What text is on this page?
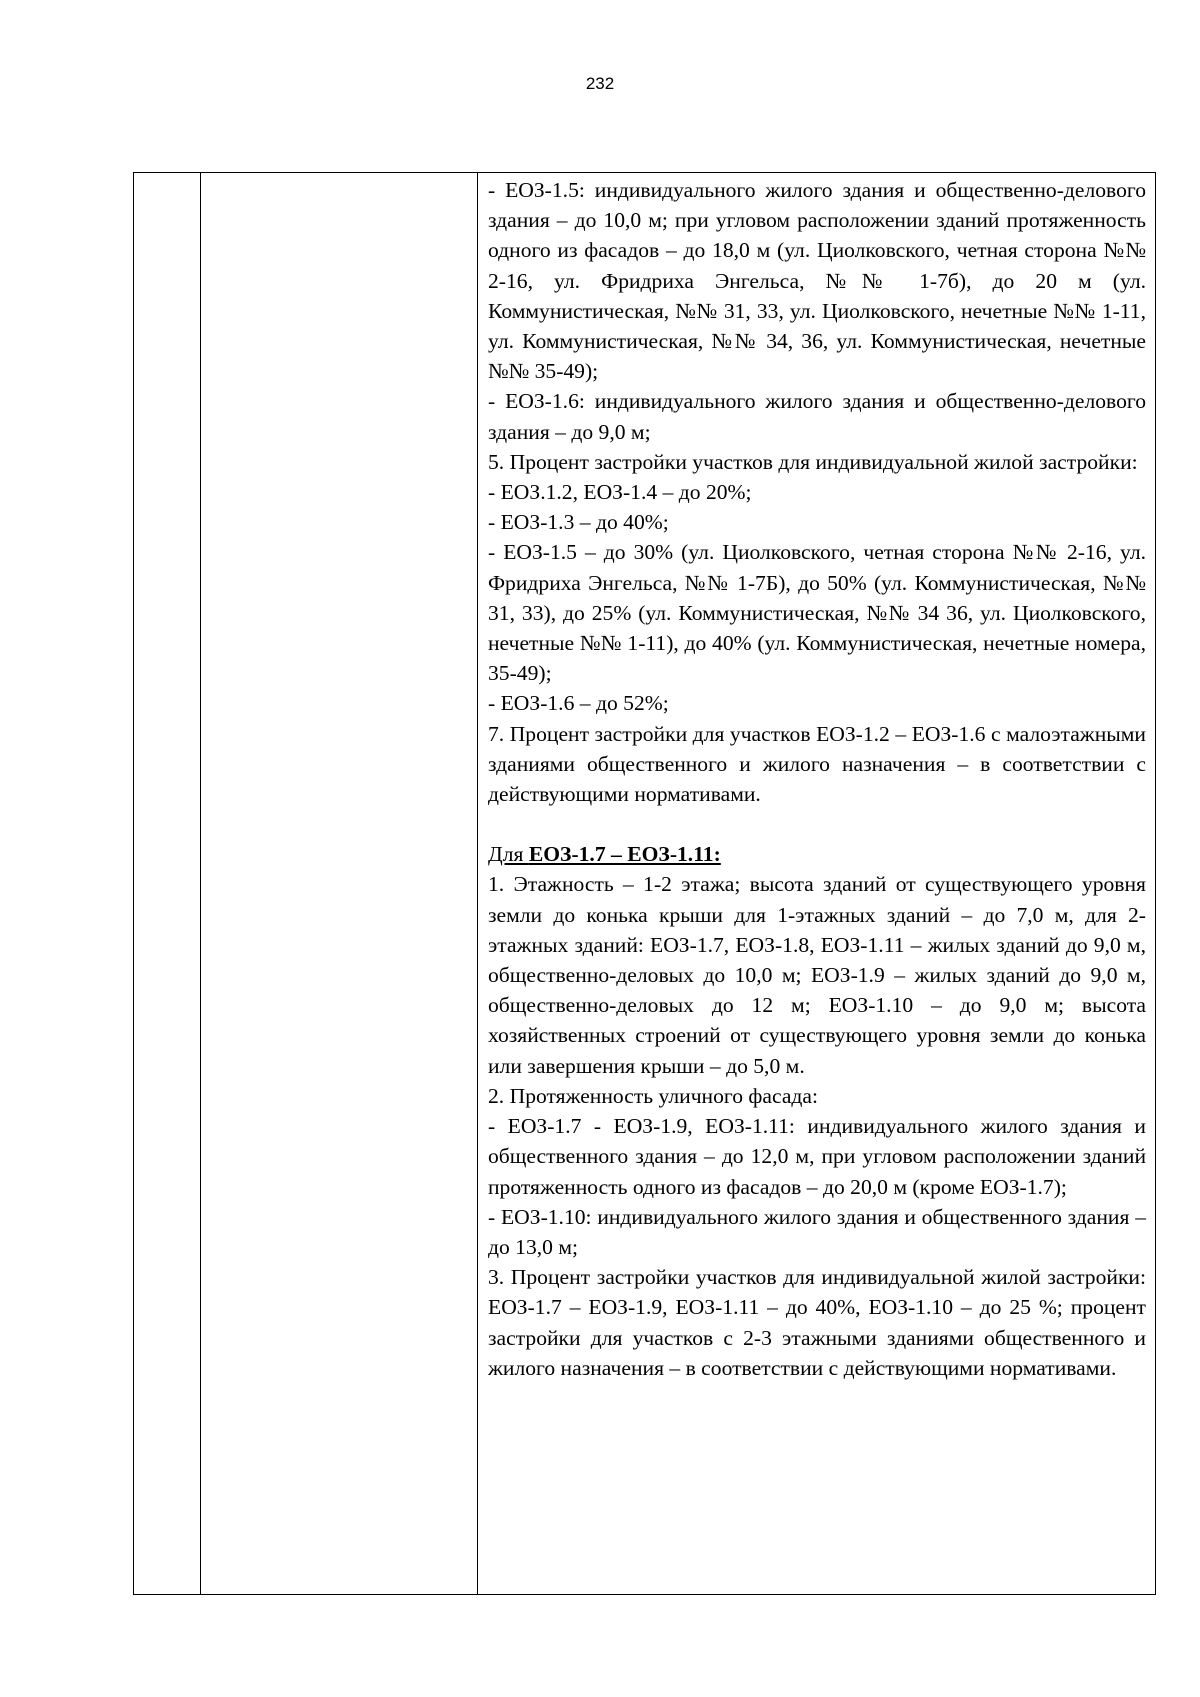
232

- ЕОЗ-1.5: индивидуального жилого здания и общественно-делового здания – до 10,0 м; при угловом расположении зданий протяженность одного из фасадов – до 18,0 м (ул. Циолковского, четная сторона №№ 2-16, ул. Фридриха Энгельса, №№ 1-7б), до 20 м (ул. Коммунистическая, №№ 31, 33, ул. Циолковского, нечетные №№ 1-11, ул. Коммунистическая, №№ 34, 36, ул. Коммунистическая, нечетные №№ 35-49);

- ЕОЗ-1.6: индивидуального жилого здания и общественно-делового здания – до 9,0 м;

5. Процент застройки участков для индивидуальной жилой застройки:

- ЕОЗ.1.2, ЕОЗ-1.4 – до 20%;

- ЕОЗ-1.3 – до 40%;

- ЕОЗ-1.5 – до 30% (ул. Циолковского, четная сторона №№ 2-16, ул. Фридриха Энгельса, №№ 1-7Б), до 50% (ул. Коммунистическая, №№ 31, 33), до 25% (ул. Коммунистическая, №№ 34 36, ул. Циолковского, нечетные №№ 1-11), до 40% (ул. Коммунистическая, нечетные номера, 35-49);

- ЕОЗ-1.6 – до 52%;

7. Процент застройки для участков ЕОЗ-1.2 – ЕОЗ-1.6 с малоэтажными зданиями общественного и жилого назначения – в соответствии с действующими нормативами.

Для ЕОЗ-1.7 – ЕОЗ-1.11:

1. Этажность – 1-2 этажа; высота зданий от существующего уровня земли до конька крыши для 1-этажных зданий – до 7,0 м, для 2-этажных зданий: ЕОЗ-1.7, ЕОЗ-1.8, ЕОЗ-1.11 – жилых зданий до 9,0 м, общественно-деловых до 10,0 м; ЕОЗ-1.9 – жилых зданий до 9,0 м, общественно-деловых до 12 м; ЕОЗ-1.10 – до 9,0 м; высота хозяйственных строений от существующего уровня земли до конька или завершения крыши – до 5,0 м.

2. Протяженность уличного фасада:

- ЕОЗ-1.7 - ЕОЗ-1.9, ЕОЗ-1.11: индивидуального жилого здания и общественного здания – до 12,0 м, при угловом расположении зданий протяженность одного из фасадов – до 20,0 м (кроме ЕОЗ-1.7);

- ЕОЗ-1.10: индивидуального жилого здания и общественного здания – до 13,0 м;

3. Процент застройки участков для индивидуальной жилой застройки: ЕОЗ-1.7 – ЕОЗ-1.9, ЕОЗ-1.11 – до 40%, ЕОЗ-1.10 – до 25 %; процент застройки для участков с 2-3 этажными зданиями общественного и жилого назначения – в соответствии с действующими нормативами.
